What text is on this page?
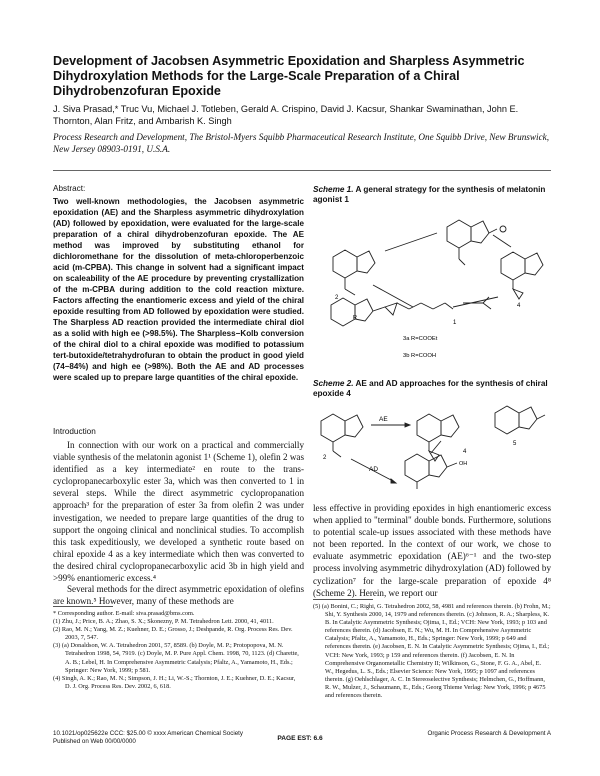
Development of Jacobsen Asymmetric Epoxidation and Sharpless Asymmetric Dihydroxylation Methods for the Large-Scale Preparation of a Chiral Dihydrobenzofuran Epoxide
J. Siva Prasad,* Truc Vu, Michael J. Totleben, Gerald A. Crispino, David J. Kacsur, Shankar Swaminathan, John E. Thornton, Alan Fritz, and Ambarish K. Singh
Process Research and Development, The Bristol-Myers Squibb Pharmaceutical Research Institute, One Squibb Drive, New Brunswick, New Jersey 08903-0191, U.S.A.
Abstract:
Two well-known methodologies, the Jacobsen asymmetric epoxidation (AE) and the Sharpless asymmetric dihydroxylation (AD) followed by epoxidation, were evaluated for the large-scale preparation of a chiral dihydrobenzofuran epoxide. The AE method was improved by substituting ethanol for dichloromethane for the dissolution of meta-chloroperbenzoic acid (m-CPBA). This change in solvent had a significant impact on scaleability of the AE procedure by preventing crystallization of the m-CPBA during addition to the cold reaction mixture. Factors affecting the enantiomeric excess and yield of the chiral epoxide resulting from AD followed by epoxidation were studied. The Sharpless AD reaction provided the intermediate chiral diol as a solid with high ee (>98.5%). The Sharpless−Kolb conversion of the chiral diol to a chiral epoxide was modified to potassium tert-butoxide/tetrahydrofuran to obtain the product in good yield (74−84%) and high ee (>98%). Both the AE and AD processes were scaled up to prepare large quantities of the chiral epoxide.
Introduction
In connection with our work on a practical and commercially viable synthesis of the melatonin agonist 1¹ (Scheme 1), olefin 2 was identified as a key intermediate² en route to the trans-cyclopropanecarboxylic ester 3a, which was then converted to 1 in several steps. While the direct asymmetric cyclopropanation approach³ for the preparation of ester 3a from olefin 2 was under investigation, we needed to prepare large quantities of the drug to support the ongoing clinical and nonclinical studies. To accomplish this task expeditiously, we developed a synthetic route based on chiral epoxide 4 as a key intermediate which then was converted to the desired chiral cyclopropanecarboxylic acid 3b in high yield and >99% enantiomeric excess.⁴
Several methods for the direct asymmetric epoxidation of olefins are known.⁵ However, many of these methods are
Scheme 1. A general strategy for the synthesis of melatonin agonist 1
2
4
1
R
3a R=COOEt
3b R=COOH
Scheme 2. AE and AD approaches for the synthesis of chiral epoxide 4
AE
AD
2
4
5
OH
less effective in providing epoxides in high enantiomeric excess when applied to "terminal" double bonds. Furthermore, solutions to potential scale-up issues associated with these methods have not been reported. In the context of our work, we chose to evaluate asymmetric epoxidation (AE)⁶⁻¹ and the two-step process involving asymmetric dihydroxylation (AD) followed by cyclization⁷ for the large-scale preparation of epoxide 4⁸ (Scheme 2). Herein, we report our

* Corresponding author. E-mail: siva.prasad@bms.com.

(1) Zhu, J.; Price, B. A.; Zhao, S. X.; Skonezny, P. M. Tetrahedron Lett. 2000, 41, 4011.

(2) Rao, M. N.; Yang, M. Z.; Kuehner, D. E.; Grosso, J.; Deshpande, R. Org. Process Res. Dev. 2003, 7, 547.

(3) (a) Donaldson, W. A. Tetrahedron 2001, 57, 8589. (b) Doyle, M. P.; Protopopova, M. N. Tetrahedron 1998, 54, 7919. (c) Doyle, M. P. Pure Appl. Chem. 1998, 70, 1123. (d) Charette, A. B.; Lebel, H. In Comprehensive Asymmetric Catalysis; Pfaltz, A., Yamamoto, H., Eds.; Springer: New York, 1999; p 581.

(4) Singh, A. K.; Rao, M. N.; Simpson, J. H.; Li, W.-S.; Thornton, J. E.; Kuehner, D. E.; Kacsur, D. J. Org. Process Res. Dev. 2002, 6, 618.

(5) (a) Bonini, C.; Righi, G. Tetrahedron 2002, 58, 4981 and references therein. (b) Frohn, M.; Shi, Y. Synthesis 2000, 14, 1979 and references therein. (c) Johnson, R. A.; Sharpless, K. B. In Catalytic Asymmetric Synthesis; Ojima, I., Ed.; VCH: New York, 1993; p 103 and references therein. (d) Jacobsen, E. N.; Wu, M. H. In Comprehensive Asymmetric Catalysis; Pfaltz, A., Yamamoto, H., Eds.; Springer: New York, 1999; p 649 and references therein. (e) Jacobsen, E. N. In Catalytic Asymmetric Synthesis; Ojima, I., Ed.; VCH: New York, 1993; p 159 and references therein. (f) Jacobsen, E. N. In Comprehensive Organometallic Chemistry II; Wilkinson, G., Stone, F. G. A., Abel, E. W., Hegedus, L. S., Eds.; Elsevier Science: New York, 1995; p 1097 and references therein. (g) Oehlschlager, A. C. In Stereoselective Synthesis; Helmchen, G., Hoffmann, R. W., Mulzer, J., Schaumann, E., Eds.; Georg Thieme Verlag: New York, 1996; p 4675 and references therein.

10.1021/op025622e CCC: $25.00 © xxxx American Chemical Society
Published on Web 00/00/0000	PAGE EST: 6.6
Organic Process Research & Development A
